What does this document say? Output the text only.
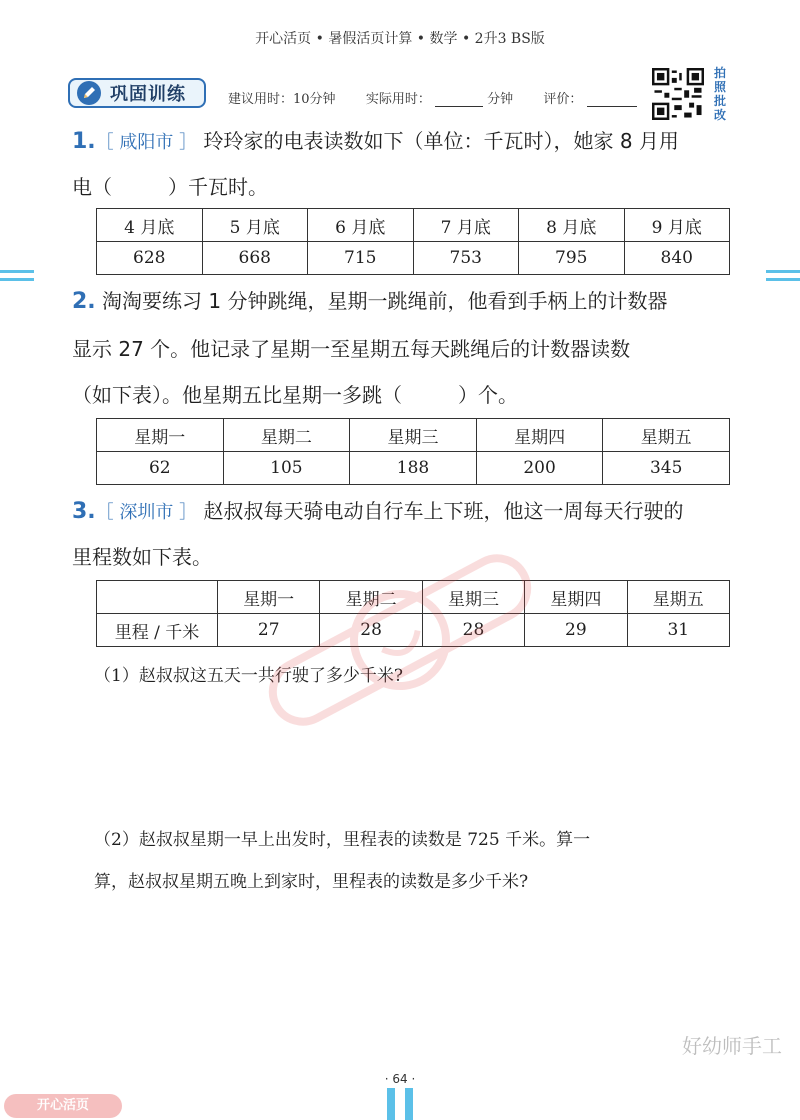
开心活页 • 暑假活页计算 • 数学 • 2升3 BS版
巩固训练	建议用时：10分钟 实际用时：	分钟 评价：
拍照批改
1.［ 咸阳市 ］ 玲玲家的电表读数如下（单位：千瓦时），她家 8 月用
电（	）千瓦时。
4 月底	5 月底	6 月底	7 月底	8 月底	9 月底
628	668	715	753	795	840
2. 淘淘要练习 1 分钟跳绳，星期一跳绳前，他看到手柄上的计数器
显示 27 个。他记录了星期一至星期五每天跳绳后的计数器读数
（如下表）。他星期五比星期一多跳（	）个。
星期一	星期二	星期三	星期四	星期五
62	105	188	200	345
3.［ 深圳市 ］ 赵叔叔每天骑电动自行车上下班，他这一周每天行驶的
里程数如下表。
	星期一	星期二	星期三	星期四	星期五
里程 / 千米	27	28	28	29	31
（1）赵叔叔这五天一共行驶了多少千米?
（2）赵叔叔星期一早上出发时，里程表的读数是 725 千米。算一
算，赵叔叔星期五晚上到家时，里程表的读数是多少千米?
好幼师手工
· 64 ·
开心活页
